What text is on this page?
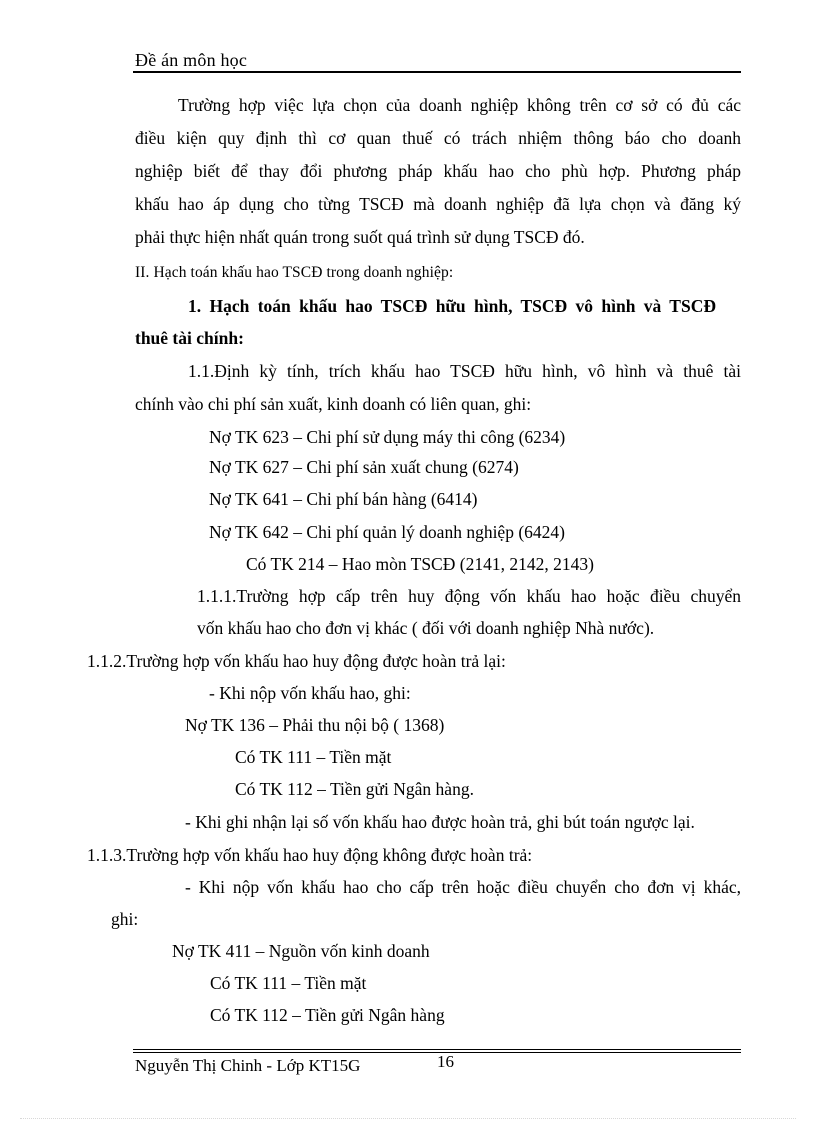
Đề án môn học
Trường hợp việc lựa chọn của doanh nghiệp không trên cơ sở có đủ các
điều kiện quy định thì cơ quan thuế có trách nhiệm thông báo cho doanh
nghiệp biết để thay đổi phương pháp khấu hao cho phù hợp. Phương pháp
khấu hao áp dụng cho từng TSCĐ mà doanh nghiệp đã lựa chọn và đăng ký
phải thực hiện nhất quán trong suốt quá trình sử dụng TSCĐ đó.
II. Hạch toán khấu hao TSCĐ trong doanh nghiệp:
1. Hạch toán khấu hao TSCĐ hữu hình, TSCĐ vô hình và TSCĐ
thuê tài chính:
1.1.Định kỳ tính, trích khấu hao TSCĐ hữu hình, vô hình và thuê tài
chính vào chi phí sản xuất, kinh doanh có liên quan, ghi:
Nợ TK 623 – Chi phí sử dụng máy thi công (6234)
Nợ TK 627 – Chi phí sản xuất chung (6274)
Nợ TK 641 – Chi phí bán hàng (6414)
Nợ TK 642 – Chi phí quản lý doanh nghiệp (6424)
Có TK 214 – Hao mòn TSCĐ (2141, 2142, 2143)
1.1.1.Trường hợp cấp trên huy động vốn khấu hao hoặc điều chuyển
vốn khấu hao cho đơn vị khác ( đối với doanh nghiệp Nhà nước).
1.1.2.Trường hợp vốn khấu hao huy động được hoàn trả lại:
- Khi nộp vốn khấu hao, ghi:
Nợ TK 136 – Phải thu nội bộ ( 1368)
Có TK 111 – Tiền mặt
Có TK 112 – Tiền gửi Ngân hàng.
- Khi ghi nhận lại số vốn khấu hao được hoàn trả, ghi bút toán ngược lại.
1.1.3.Trường hợp vốn khấu hao huy động không được hoàn trả:
- Khi nộp vốn khấu hao cho cấp trên hoặc điều chuyển cho đơn vị khác,
ghi:
Nợ TK 411 – Nguồn vốn kinh doanh
Có TK 111 – Tiền mặt
Có TK 112 – Tiền gửi Ngân hàng
Nguyễn Thị Chinh - Lớp KT15G	16
